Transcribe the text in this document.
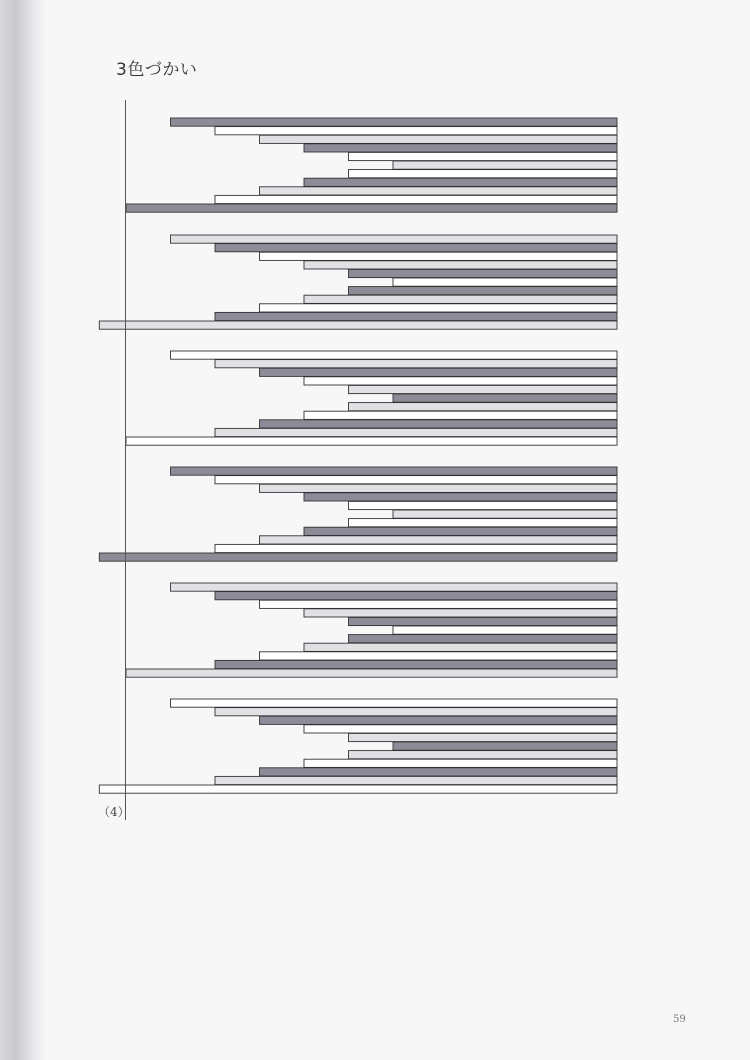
3色づかい
（4）
59
